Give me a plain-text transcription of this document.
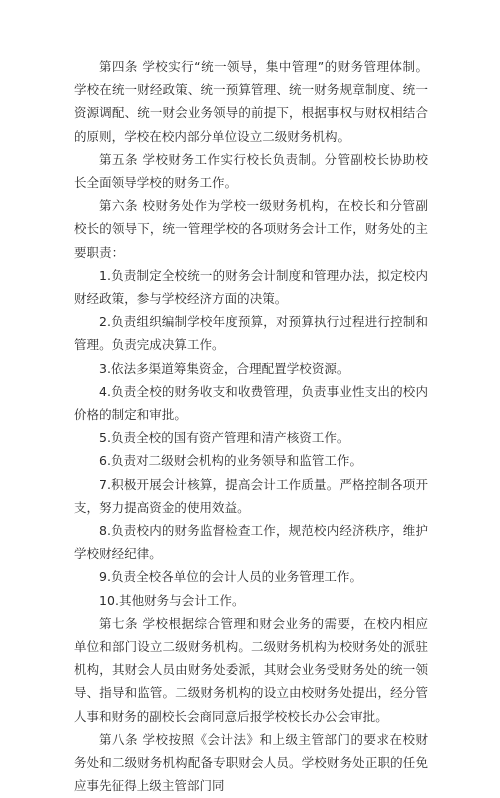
第四条 学校实行“统一领导，集中管理”的财务管理体制。学校在统一财经政策、统一预算管理、统一财务规章制度、统一资源调配、统一财会业务领导的前提下，根据事权与财权相结合的原则，学校在校内部分单位设立二级财务机构。

第五条 学校财务工作实行校长负责制。分管副校长协助校长全面领导学校的财务工作。

第六条 校财务处作为学校一级财务机构，在校长和分管副校长的领导下，统一管理学校的各项财务会计工作，财务处的主要职责：

1.负责制定全校统一的财务会计制度和管理办法，拟定校内财经政策，参与学校经济方面的决策。

2.负责组织编制学校年度预算，对预算执行过程进行控制和管理。负责完成决算工作。

3.依法多渠道筹集资金，合理配置学校资源。

4.负责全校的财务收支和收费管理，负责事业性支出的校内价格的制定和审批。

5.负责全校的国有资产管理和清产核资工作。

6.负责对二级财会机构的业务领导和监管工作。

7.积极开展会计核算，提高会计工作质量。严格控制各项开支，努力提高资金的使用效益。

8.负责校内的财务监督检查工作，规范校内经济秩序，维护学校财经纪律。

9.负责全校各单位的会计人员的业务管理工作。

10.其他财务与会计工作。

第七条 学校根据综合管理和财会业务的需要，在校内相应单位和部门设立二级财务机构。二级财务机构为校财务处的派驻机构，其财会人员由财务处委派，其财会业务受财务处的统一领导、指导和监管。二级财务机构的设立由校财务处提出，经分管人事和财务的副校长会商同意后报学校校长办公会审批。

第八条 学校按照《会计法》和上级主管部门的要求在校财务处和二级财务机构配备专职财会人员。学校财务处正职的任免应事先征得上级主管部门同
